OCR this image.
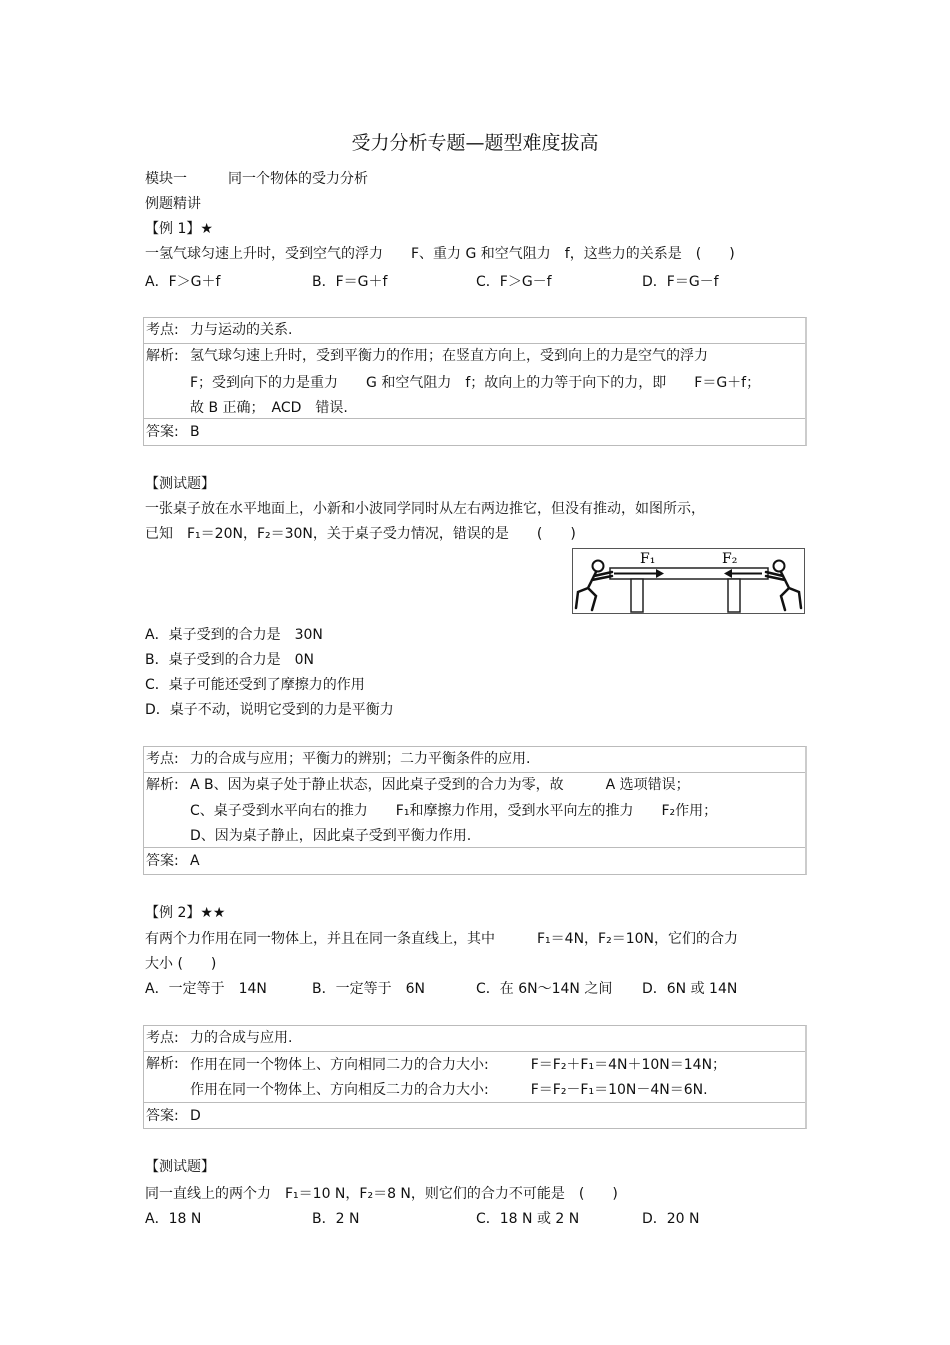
受力分析专题—题型难度拔高
模块一	同一个物体的受力分析
例题精讲
【例 1】★
一氢气球匀速上升时，受到空气的浮力　　F、重力 G 和空气阻力　f，这些力的关系是　(　　)
A．F＞G＋f	B．F＝G＋f	C．F＞G－f	D．F＝G－f
考点: 力与运动的关系.
解析: 氢气球匀速上升时，受到平衡力的作用；在竖直方向上，受到向上的力是空气的浮力
F；受到向下的力是重力　　G 和空气阻力　f；故向上的力等于向下的力，即　　F＝G＋f；
故 B 正确；　ACD　错误.
答案: B
【测试题】
一张桌子放在水平地面上，小新和小波同学同时从左右两边推它，但没有推动，如图所示，
已知　F₁＝20N，F₂＝30N，关于桌子受力情况，错误的是　　(　　)
F₁	F₂
A．桌子受到的合力是　30N
B．桌子受到的合力是　0N
C．桌子可能还受到了摩擦力的作用
D．桌子不动，说明它受到的力是平衡力
考点: 力的合成与应用；平衡力的辨别；二力平衡条件的应用.
解析: A B、因为桌子处于静止状态，因此桌子受到的合力为零，故　　　A 选项错误；
C、桌子受到水平向右的推力　　F₁和摩擦力作用，受到水平向左的推力　　F₂作用；
D、因为桌子静止，因此桌子受到平衡力作用.
答案: A
【例 2】★★
有两个力作用在同一物体上，并且在同一条直线上，其中　　　F₁＝4N，F₂＝10N，它们的合力
大小 (　　)
A．一定等于　14N	B．一定等于　6N	C．在 6N～14N 之间 D．6N 或 14N
考点: 力的合成与应用.
解析: 作用在同一个物体上、方向相同二力的合力大小:　　　F＝F₂＋F₁＝4N＋10N＝14N；
作用在同一个物体上、方向相反二力的合力大小:　　　F＝F₂－F₁＝10N－4N＝6N.
答案: D
【测试题】
同一直线上的两个力　F₁＝10 N，F₂＝8 N，则它们的合力不可能是　(　　)
A．18 N	B．2 N	C．18 N 或 2 N	D．20 N
